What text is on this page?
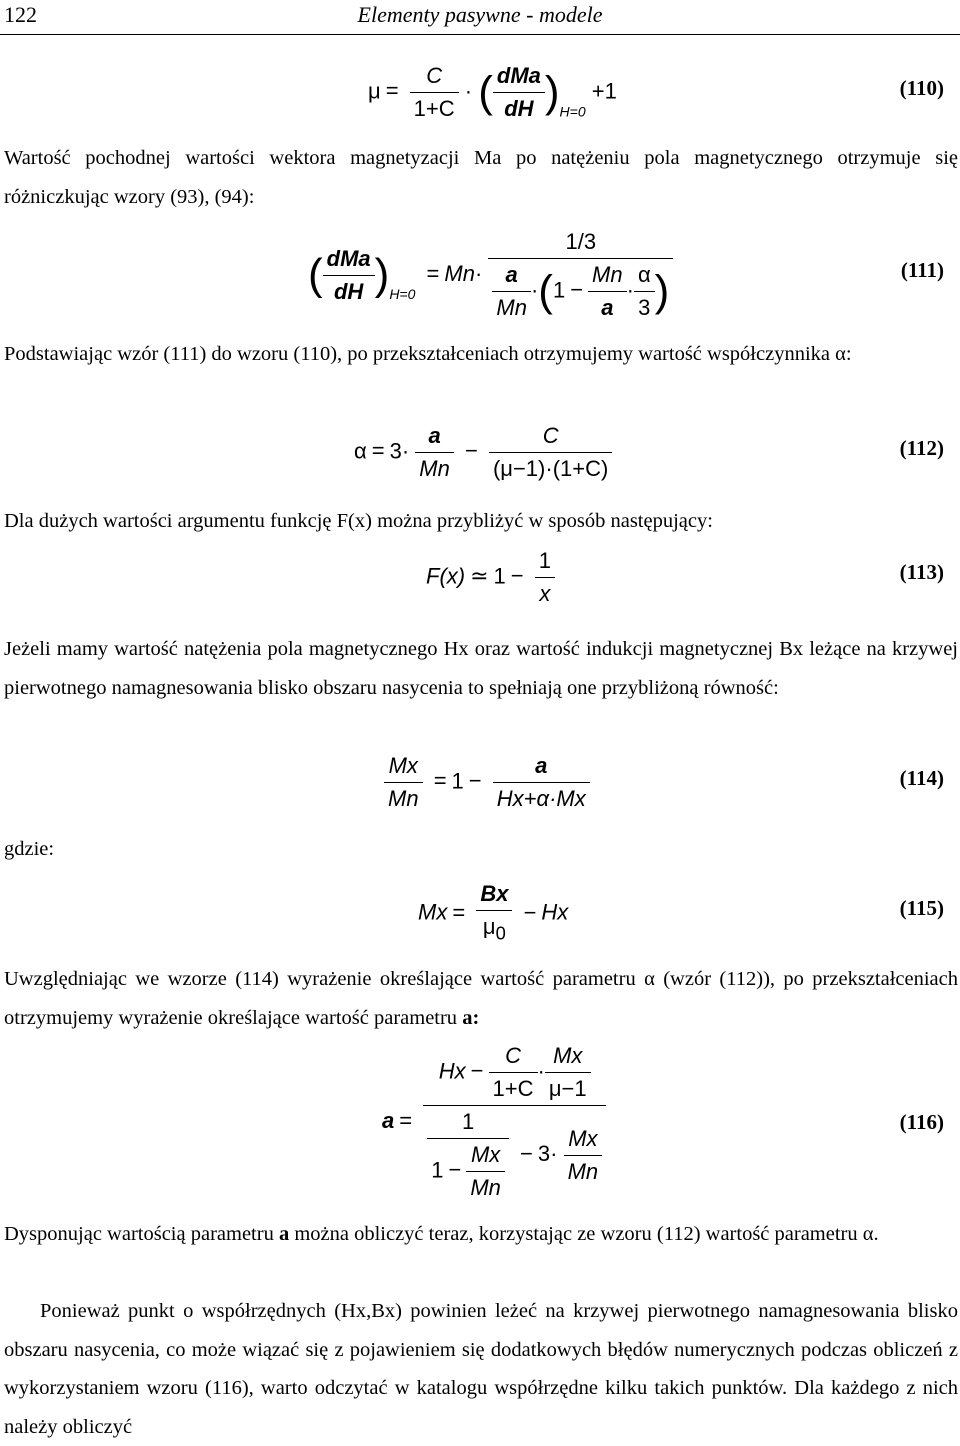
122	Elementy pasywne - modele
$\mu = \frac{C}{1+C}$ · ( $\frac{\text{dMa}}{dH} )_{H=0} +1$	(110)

Wartość pochodnej wartości wektora magnetyzacji Ma po natężeniu pola magnetycznego otrzymuje się różniczkując wzory (93), (94):

( $\frac{\text{dMa}}{dH} )_{H=0} = Mn\cdot \frac{1/3}{\frac{a}{Mn} \cdot(1 - \frac{Mn}{a} \cdot \frac{\alpha}{3} )}$	(111)

Podstawiając wzór (111) do wzoru (110), po przekształceniach otrzymujemy wartość współczynnika α:

$\alpha = 3\cdot \frac{a}{Mn} - \frac{C}{(\mu-1)\cdot(1+C)}$	(112)

Dla dużych wartości argumentu funkcję F(x) można przybliżyć w sposób następujący:

F(x) ≃ $1 - \frac{1}{x}$	(113)

Jeżeli mamy wartość natężenia pola magnetycznego Hx oraz wartość indukcji magnetycznej Bx leżące na krzywej pierwotnego namagnesowania blisko obszaru nasycenia to spełniają one przybliżoną równość:

$\frac{Mx}{Mn} = 1 - \frac{a}{Hx+\alpha\cdot Mx}$	(114)
gdzie:
$Mx = \frac{Bx}{\mu_0} - Hx$	(115)

Uwzględniając we wzorze (114) wyrażenie określające wartość parametru α (wzór (112)), po przekształceniach otrzymujemy wyrażenie określające wartość parametru a:

$a = \frac{Hx - \frac{C}{1+C} \cdot \frac{Mx}{\mu-1}}{\frac{1}{1 - \frac{Mx}{Mn}} - 3\cdot \frac{Mx}{Mn}}$	(116)

Dysponując wartością parametru a można obliczyć teraz, korzystając ze wzoru (112) wartość parametru α.

Ponieważ punkt o współrzędnych (Hx,Bx) powinien leżeć na krzywej pierwotnego namagnesowania blisko obszaru nasycenia, co może wiązać się z pojawieniem się dodatkowych błędów numerycznych podczas obliczeń z wykorzystaniem wzoru (116), warto odczytać w katalogu współrzędne kilku takich punktów. Dla każdego z nich należy obliczyć
